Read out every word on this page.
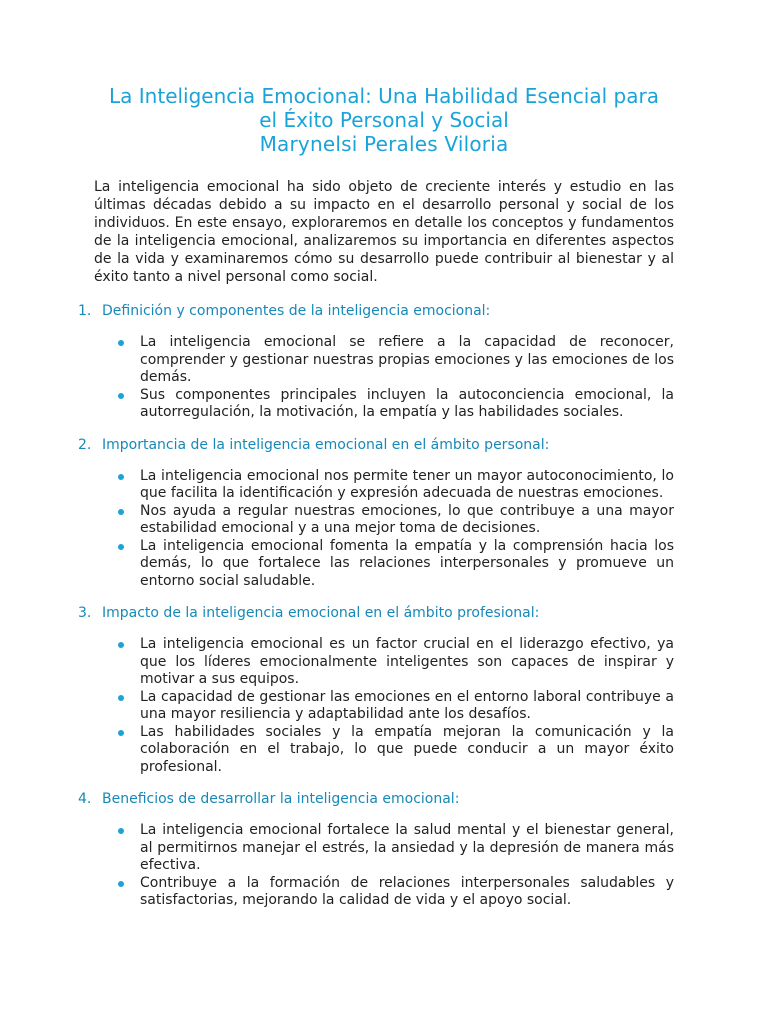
La Inteligencia Emocional: Una Habilidad Esencial para
el Éxito Personal y Social
Marynelsi Perales Viloria

La inteligencia emocional ha sido objeto de creciente interés y estudio en las últimas décadas debido a su impacto en el desarrollo personal y social de los individuos. En este ensayo, exploraremos en detalle los conceptos y fundamentos de la inteligencia emocional, analizaremos su importancia en diferentes aspectos de la vida y examinaremos cómo su desarrollo puede contribuir al bienestar y al éxito tanto a nivel personal como social.

1. Definición y componentes de la inteligencia emocional:
La inteligencia emocional se refiere a la capacidad de reconocer, comprender y gestionar nuestras propias emociones y las emociones de los demás.
Sus componentes principales incluyen la autoconciencia emocional, la autorregulación, la motivación, la empatía y las habilidades sociales.
2. Importancia de la inteligencia emocional en el ámbito personal:
La inteligencia emocional nos permite tener un mayor autoconocimiento, lo que facilita la identificación y expresión adecuada de nuestras emociones.
Nos ayuda a regular nuestras emociones, lo que contribuye a una mayor estabilidad emocional y a una mejor toma de decisiones.
La inteligencia emocional fomenta la empatía y la comprensión hacia los demás, lo que fortalece las relaciones interpersonales y promueve un entorno social saludable.
3. Impacto de la inteligencia emocional en el ámbito profesional:
La inteligencia emocional es un factor crucial en el liderazgo efectivo, ya que los líderes emocionalmente inteligentes son capaces de inspirar y motivar a sus equipos.
La capacidad de gestionar las emociones en el entorno laboral contribuye a una mayor resiliencia y adaptabilidad ante los desafíos.
Las habilidades sociales y la empatía mejoran la comunicación y la colaboración en el trabajo, lo que puede conducir a un mayor éxito profesional.
4. Beneficios de desarrollar la inteligencia emocional:
La inteligencia emocional fortalece la salud mental y el bienestar general, al permitirnos manejar el estrés, la ansiedad y la depresión de manera más efectiva.
Contribuye a la formación de relaciones interpersonales saludables y satisfactorias, mejorando la calidad de vida y el apoyo social.
